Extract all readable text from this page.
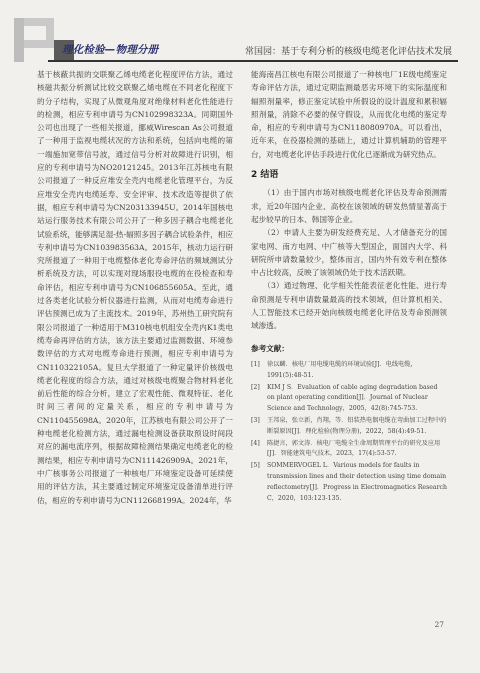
理化检验—物理分册	常国园：基于专利分析的核级电缆老化评估技术发展

基于核蔽共振的交联聚乙烯电缆老化程度评估方法，通过核磁共振分析测试比较交联聚乙烯电缆在不同老化程度下的分子结构，实现了从微观角度对绝缘材料老化性能进行的检测，相应专利申请号为CN102998323A。同期国外公司也出现了一些相关报道，挪威Wirescan As公司报道了一种用于监视电缆状况的方法和系统，包括向电缆的第一端施加宽带信号波，通过信号分析对故障进行识别，相应的专利申请号为NO20121245。2013年江苏核电有限公司报道了一种反应堆安全壳内电缆老化管理平台，为反应堆安全壳内电缆延寿、安全评审、技术改造等提供了依据，相应专利申请号为CN203133945U。2014年国核电站运行服务技术有限公司公开了一种多因子耦合电缆老化试验系统，能够满足湿-热-辐照多因子耦合试验条件，相应专利申请号为CN103983563A。2015年，核动力运行研究所报道了一种用于电缆整体老化寿命评估的频域测试分析系统及方法，可以实现对现场服役电缆的在役检查和寿命评估，相应专利申请号为CN106855605A。至此，通过各类老化试验分析仪器进行监测，从而对电缆寿命进行评估预测已成为了主流技术。2019年，苏州热工研究院有限公司报道了一种适用于M310核电机组安全壳内K1类电缆寿命再评估的方法，该方法主要通过监测数据、环境参数评估的方式对电缆寿命进行预测，相应专利申请号为CN110322105A。复旦大学报道了一种定量评价核级电缆老化程度的综合方法，通过对核级电缆聚合物材料老化前后性能的综合分析，建立了宏观性能、微观特征、老化时间三者间的定量关系，相应的专利申请号为CN110455698A。2020年，江苏核电有限公司公开了一种电缆老化检测方法，通过漏电检测设备获取预设时间段对应的漏电流序列，根据故障检测结果确定电缆老化的检测结果，相应专利申请号为CN111426909A。2021年，中广核事务公司报道了一种核电厂环境鉴定设备可延续使用的评估方法，其主要通过制定环境鉴定设备清单进行评估，相应的专利申请号为CN112668199A。2024年，华

能海南昌江核电有限公司报道了一种核电厂1E级电缆鉴定寿命评估方法，通过定期监测最恶劣环境下的实际温度和辐照剂量率，修正鉴定试验中所假设的设计温度和累积辐照剂量，消除不必要的保守假设，从而优化电缆的鉴定寿命，相应的专利申请号为CN118080970A。可以看出，近年来，在役器检测的基础上，通过计算机辅助的管理平台，对电缆老化评估手段进行优化已逐渐成为研究热点。

2 结语

（1）由于国内市场对核级电缆老化评估及寿命预测需求，近20年国内企业、高校在该领域的研发热情显著高于起步较早的日本、韩国等企业。

（2）申请人主要为研发经费充足、人才储备充分的国家电网、南方电网、中广核等大型国企，面国内大学、科研院所申请数量较少，整体而言，国内外有效专利在整体中占比较高，反映了该领域仍处于技术活跃期。

（3）通过物理、化学相关性能表征老化性能、进行寿命预测是专利申请数量最高的技术领域，但计算机相关、人工智能技术已经开始向核级电缆老化评估及寿命预测领域渗透。

参考文献：
[1]	徐以麟．核电厂用电缆电缆的环境试验[J]．电线电缆，1991(5):48-51.
[2]	KIM J S．Evaluation of cable aging degradation based on plant operating condition[J]．Journal of Nuclear Science and Technology，2005，42(8):745-753.
[3]	王邦泉，张立新，肖翔，等．铅装热电偶电缆在弯曲加工过程中的断裂原因[J]．理化检验(物理分册)，2022，58(4):49-51.
[4]	陈捷言，郭文涛．核电厂电缆全生命周期管理平台的研究及应用[J]．智能建筑电气技术，2023，17(4):53-57.
[5]	SOMMERVOGEL L．Various models for faults in transmission lines and their detection using time domain reflectometry[J]．Progress in Electromagnetics Research C，2020，103:123-135.
27
